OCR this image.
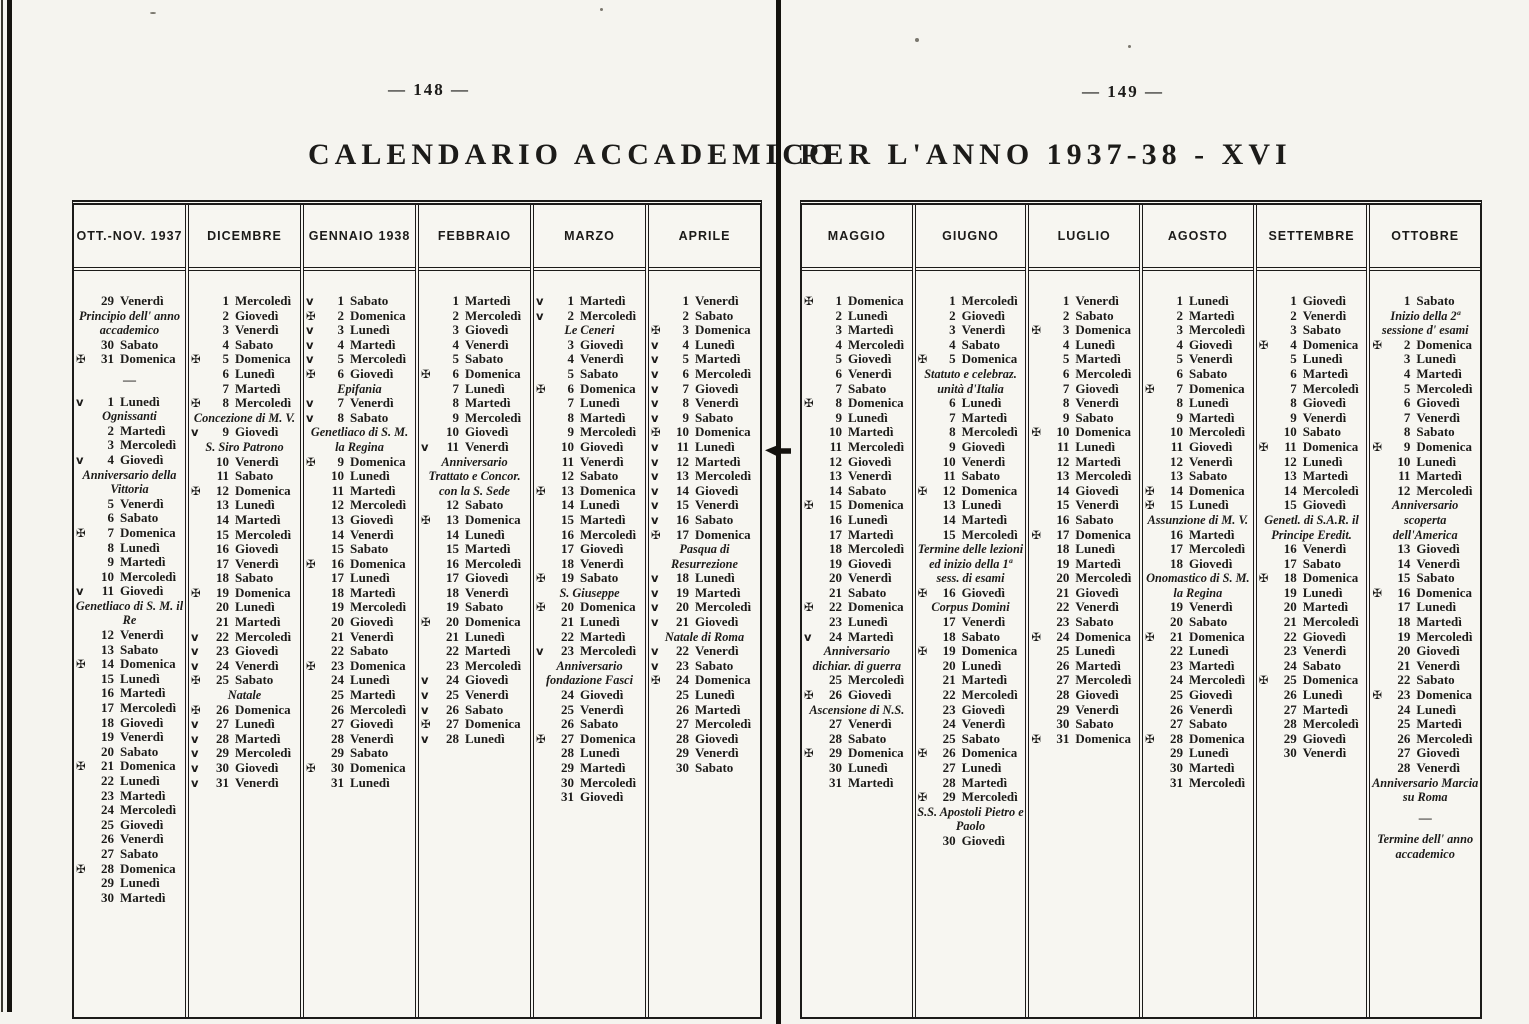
— 148 —	— 149 —
CALENDARIO ACCADEMICO
PER L'ANNO 1937-38 - XVI
OTT.-NOV. 1937
29 Venerdì
Principio dell' anno accademico
30 Sabato
✠	31 Domenica
—
v	1 Lunedì
Ognissanti
2 Martedì
3 Mercoledì
v	4 Giovedì
Anniversario della Vittoria
5 Venerdì
6 Sabato
✠	7 Domenica
8 Lunedì
9 Martedì
10 Mercoledì
v	11 Giovedì
Genetliaco di S. M. il Re
12 Venerdì
13 Sabato
✠	14 Domenica
15 Lunedì
16 Martedì
17 Mercoledì
18 Giovedì
19 Venerdì
20 Sabato
✠	21 Domenica
22 Lunedì
23 Martedì
24 Mercoledì
25 Giovedì
26 Venerdì
27 Sabato
✠	28 Domenica
29 Lunedì
30 Martedì
DICEMBRE
1 Mercoledì
2 Giovedì
3 Venerdì
4 Sabato
✠	5 Domenica
6 Lunedì
7 Martedì
✠	8 Mercoledì
Concezione di M. V.
v	9 Giovedì
S. Siro Patrono
10 Venerdì
11 Sabato
✠	12 Domenica
13 Lunedì
14 Martedì
15 Mercoledì
16 Giovedì
17 Venerdì
18 Sabato
✠	19 Domenica
20 Lunedì
21 Martedì
v	22 Mercoledì
v	23 Giovedì
v	24 Venerdì
✠	25 Sabato
Natale
✠	26 Domenica
v	27 Lunedì
v	28 Martedì
v	29 Mercoledì
v	30 Giovedì
v	31 Venerdì
GENNAIO 1938
v	1 Sabato
✠	2 Domenica
v	3 Lunedì
v	4 Martedì
v	5 Mercoledì
✠	6 Giovedì
Epifania
v	7 Venerdì
v	8 Sabato
Genetliaco di S. M. la Regina
✠	9 Domenica
10 Lunedì
11 Martedì
12 Mercoledì
13 Giovedì
14 Venerdì
15 Sabato
✠	16 Domenica
17 Lunedì
18 Martedì
19 Mercoledì
20 Giovedì
21 Venerdì
22 Sabato
✠	23 Domenica
24 Lunedì
25 Martedì
26 Mercoledì
27 Giovedì
28 Venerdì
29 Sabato
✠	30 Domenica
31 Lunedì
FEBBRAIO
1 Martedì
2 Mercoledì
3 Giovedì
4 Venerdì
5 Sabato
✠	6 Domenica
7 Lunedì
8 Martedì
9 Mercoledì
10 Giovedì
v	11 Venerdì
Anniversario Trattato e Concor. con la S. Sede
12 Sabato
✠	13 Domenica
14 Lunedì
15 Martedì
16 Mercoledì
17 Giovedì
18 Venerdì
19 Sabato
✠	20 Domenica
21 Lunedì
22 Martedì
23 Mercoledì
v	24 Giovedì
v	25 Venerdì
v	26 Sabato
✠	27 Domenica
v	28 Lunedì
MARZO
v	1 Martedì
v	2 Mercoledì
Le Ceneri
3 Giovedì
4 Venerdì
5 Sabato
✠	6 Domenica
7 Lunedì
8 Martedì
9 Mercoledì
10 Giovedì
11 Venerdì
12 Sabato
✠	13 Domenica
14 Lunedì
15 Martedì
16 Mercoledì
17 Giovedì
18 Venerdì
✠	19 Sabato
S. Giuseppe
✠	20 Domenica
21 Lunedì
22 Martedì
v	23 Mercoledì
Anniversario fondazione Fasci
24 Giovedì
25 Venerdì
26 Sabato
✠	27 Domenica
28 Lunedì
29 Martedì
30 Mercoledì
31 Giovedì
APRILE
1 Venerdì
2 Sabato
✠	3 Domenica
v	4 Lunedì
v	5 Martedì
v	6 Mercoledì
v	7 Giovedì
v	8 Venerdì
v	9 Sabato
✠	10 Domenica
v	11 Lunedì
v	12 Martedì
v	13 Mercoledì
v	14 Giovedì
v	15 Venerdì
v	16 Sabato
✠	17 Domenica
Pasqua di Resurrezione
v	18 Lunedì
v	19 Martedì
v	20 Mercoledì
v	21 Giovedì
Natale di Roma
v	22 Venerdì
v	23 Sabato
✠	24 Domenica
25 Lunedì
26 Martedì
27 Mercoledì
28 Giovedì
29 Venerdì
30 Sabato
MAGGIO
✠	1 Domenica
2 Lunedì
3 Martedì
4 Mercoledì
5 Giovedì
6 Venerdì
7 Sabato
✠	8 Domenica
9 Lunedì
10 Martedì
11 Mercoledì
12 Giovedì
13 Venerdì
14 Sabato
✠	15 Domenica
16 Lunedì
17 Martedì
18 Mercoledì
19 Giovedì
20 Venerdì
21 Sabato
✠	22 Domenica
23 Lunedì
v	24 Martedì
Anniversario dichiar. di guerra
25 Mercoledì
✠	26 Giovedì
Ascensione di N.S.
27 Venerdì
28 Sabato
✠	29 Domenica
30 Lunedì
31 Martedì
GIUGNO
1 Mercoledì
2 Giovedì
3 Venerdì
4 Sabato
✠	5 Domenica
Statuto e celebraz. unità d'Italia
6 Lunedì
7 Martedì
8 Mercoledì
9 Giovedì
10 Venerdì
11 Sabato
✠	12 Domenica
13 Lunedì
14 Martedì
15 Mercoledì
Termine delle lezioni ed inizio della 1ª sess. di esami
✠	16 Giovedì
Corpus Domini
17 Venerdì
18 Sabato
✠	19 Domenica
20 Lunedì
21 Martedì
22 Mercoledì
23 Giovedì
24 Venerdì
25 Sabato
✠	26 Domenica
27 Lunedì
28 Martedì
✠	29 Mercoledì
S.S. Apostoli Pietro e Paolo
30 Giovedì
LUGLIO
1 Venerdì
2 Sabato
✠	3 Domenica
4 Lunedì
5 Martedì
6 Mercoledì
7 Giovedì
8 Venerdì
9 Sabato
✠	10 Domenica
11 Lunedì
12 Martedì
13 Mercoledì
14 Giovedì
15 Venerdì
16 Sabato
✠	17 Domenica
18 Lunedì
19 Martedì
20 Mercoledì
21 Giovedì
22 Venerdì
23 Sabato
✠	24 Domenica
25 Lunedì
26 Martedì
27 Mercoledì
28 Giovedì
29 Venerdì
30 Sabato
✠	31 Domenica
AGOSTO
1 Lunedì
2 Martedì
3 Mercoledì
4 Giovedì
5 Venerdì
6 Sabato
✠	7 Domenica
8 Lunedì
9 Martedì
10 Mercoledì
11 Giovedì
12 Venerdì
13 Sabato
✠	14 Domenica
✠	15 Lunedì
Assunzione di M. V.
16 Martedì
17 Mercoledì
18 Giovedì
Onomastico di S. M. la Regina
19 Venerdì
20 Sabato
✠	21 Domenica
22 Lunedì
23 Martedì
24 Mercoledì
25 Giovedì
26 Venerdì
27 Sabato
✠	28 Domenica
29 Lunedì
30 Martedì
31 Mercoledì
SETTEMBRE
1 Giovedì
2 Venerdì
3 Sabato
✠	4 Domenica
5 Lunedì
6 Martedì
7 Mercoledì
8 Giovedì
9 Venerdì
10 Sabato
✠	11 Domenica
12 Lunedì
13 Martedì
14 Mercoledì
15 Giovedì
Genetl. di S.A.R. il Principe Eredit.
16 Venerdì
17 Sabato
✠	18 Domenica
19 Lunedì
20 Martedì
21 Mercoledì
22 Giovedì
23 Venerdì
24 Sabato
✠	25 Domenica
26 Lunedì
27 Martedì
28 Mercoledì
29 Giovedì
30 Venerdì
OTTOBRE
1 Sabato
Inizio della 2ª sessione d' esami
✠	2 Domenica
3 Lunedì
4 Martedì
5 Mercoledì
6 Giovedì
7 Venerdì
8 Sabato
✠	9 Domenica
10 Lunedì
11 Martedì
12 Mercoledì
Anniversario scoperta dell'America
13 Giovedì
14 Venerdì
15 Sabato
✠	16 Domenica
17 Lunedì
18 Martedì
19 Mercoledì
20 Giovedì
21 Venerdì
22 Sabato
✠	23 Domenica
24 Lunedì
25 Martedì
26 Mercoledì
27 Giovedì
28 Venerdì
Anniversario Marcia su Roma
—
Termine dell' anno accademico
